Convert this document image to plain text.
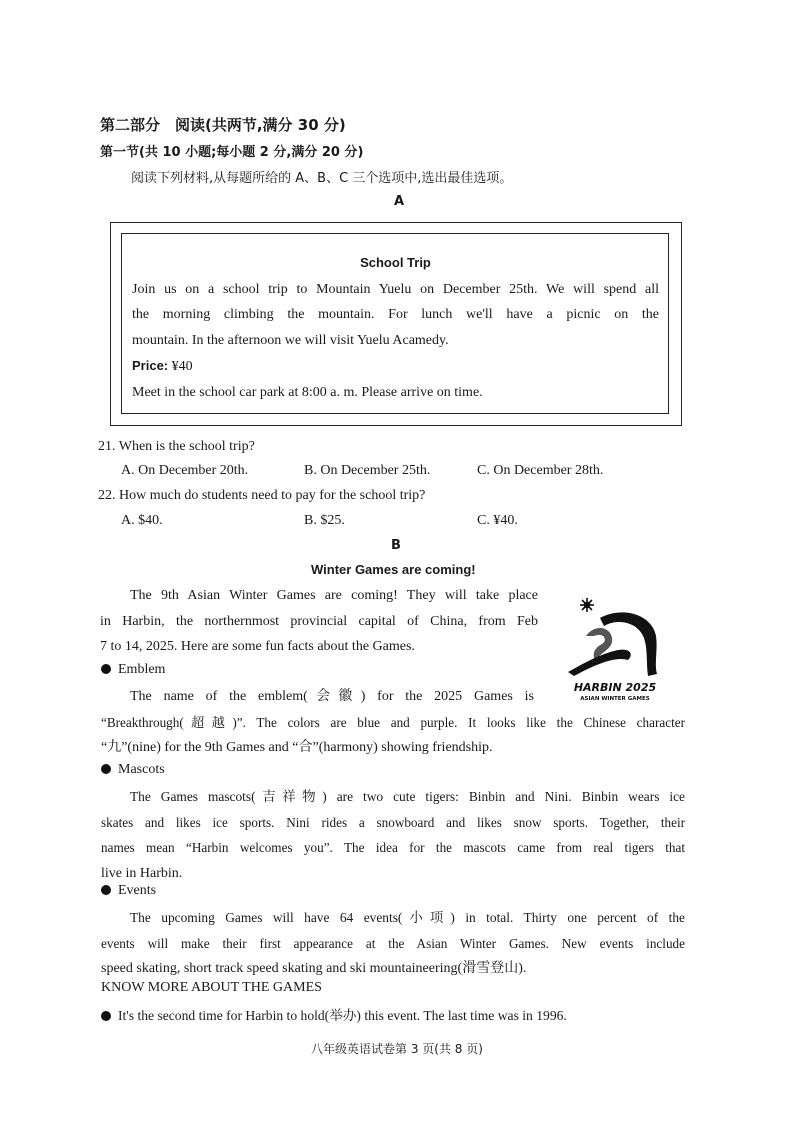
第二部分　阅读(共两节,满分 30 分)
第一节(共 10 小题;每小题 2 分,满分 20 分)
阅读下列材料,从每题所给的 A、B、C 三个选项中,选出最佳选项。
A
School Trip
Join us on a school trip to Mountain Yuelu on December 25th. We will spend all
the morning climbing the mountain. For lunch we'll have a picnic on the
mountain. In the afternoon we will visit Yuelu Acamedy.
Price: ¥40
Meet in the school car park at 8:00 a. m. Please arrive on time.
21. When is the school trip?
A. On December 20th.	B. On December 25th.	C. On December 28th.
22. How much do students need to pay for the school trip?
A. $40.	B. $25.	C. ¥40.
B
Winter Games are coming!
The 9th Asian Winter Games are coming! They will take place
in Harbin, the northernmost provincial capital of China, from Feb
7 to 14, 2025. Here are some fun facts about the Games.
HARBIN 2025
ASIAN WINTER GAMES
Emblem
The name of the emblem(会徽) for the 2025 Games is
“Breakthrough(超越)”. The colors are blue and purple. It looks like the Chinese character
“九”(nine) for the 9th Games and “合”(harmony) showing friendship.
Mascots
The Games mascots(吉祥物) are two cute tigers: Binbin and Nini. Binbin wears ice
skates and likes ice sports. Nini rides a snowboard and likes snow sports. Together, their
names mean “Harbin welcomes you”. The idea for the mascots came from real tigers that
live in Harbin.
Events
The upcoming Games will have 64 events(小项) in total. Thirty one percent of the
events will make their first appearance at the Asian Winter Games. New events include
speed skating, short track speed skating and ski mountaineering(滑雪登山).
KNOW MORE ABOUT THE GAMES
It's the second time for Harbin to hold(举办) this event. The last time was in 1996.
八年级英语试卷第 3 页(共 8 页)
